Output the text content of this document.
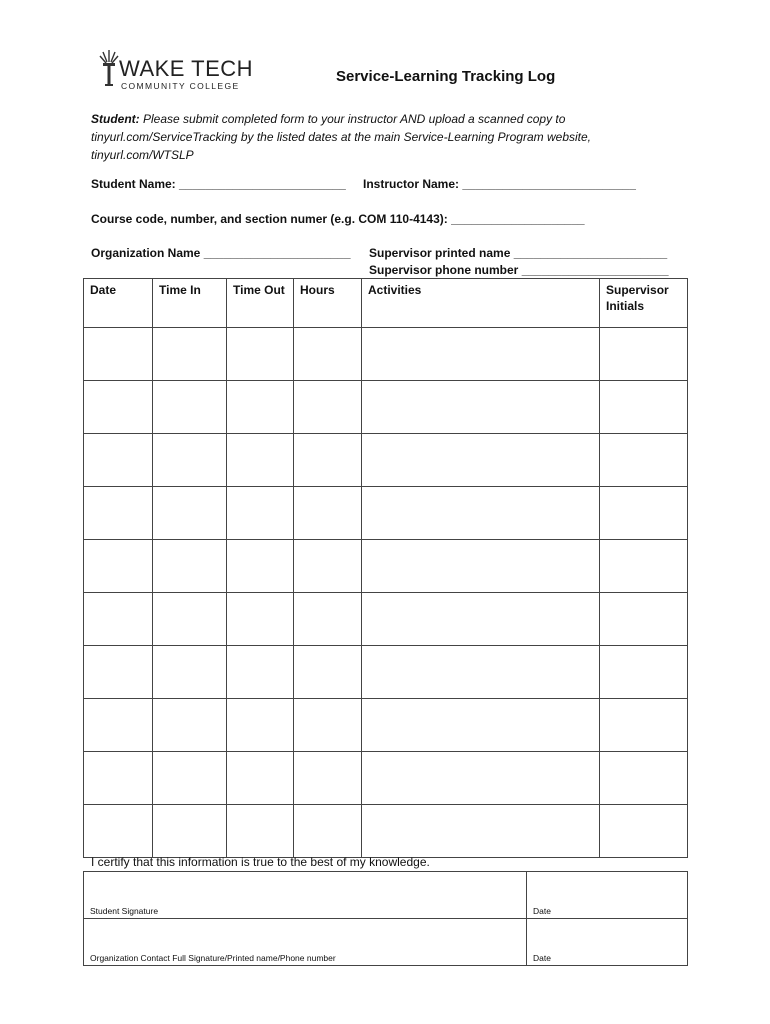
WAKE TECH
COMMUNITY COLLEGE
Service-Learning Tracking Log
Student: Please submit completed form to your instructor AND upload a scanned copy to tinyurl.com/ServiceTracking by the listed dates at the main Service-Learning Program website, tinyurl.com/WTSLP
Student Name: _________________________ Instructor Name: __________________________
Course code, number, and section numer (e.g. COM 110-4143): ____________________
Organization Name ______________________ Supervisor printed name _______________________
Supervisor phone number ______________________
Date	Time In	Time Out	Hours	Activities	Supervisor Initials

I certify that this information is true to the best of my knowledge.
Student Signature	Date
Organization Contact Full Signature/Printed name/Phone number	Date
